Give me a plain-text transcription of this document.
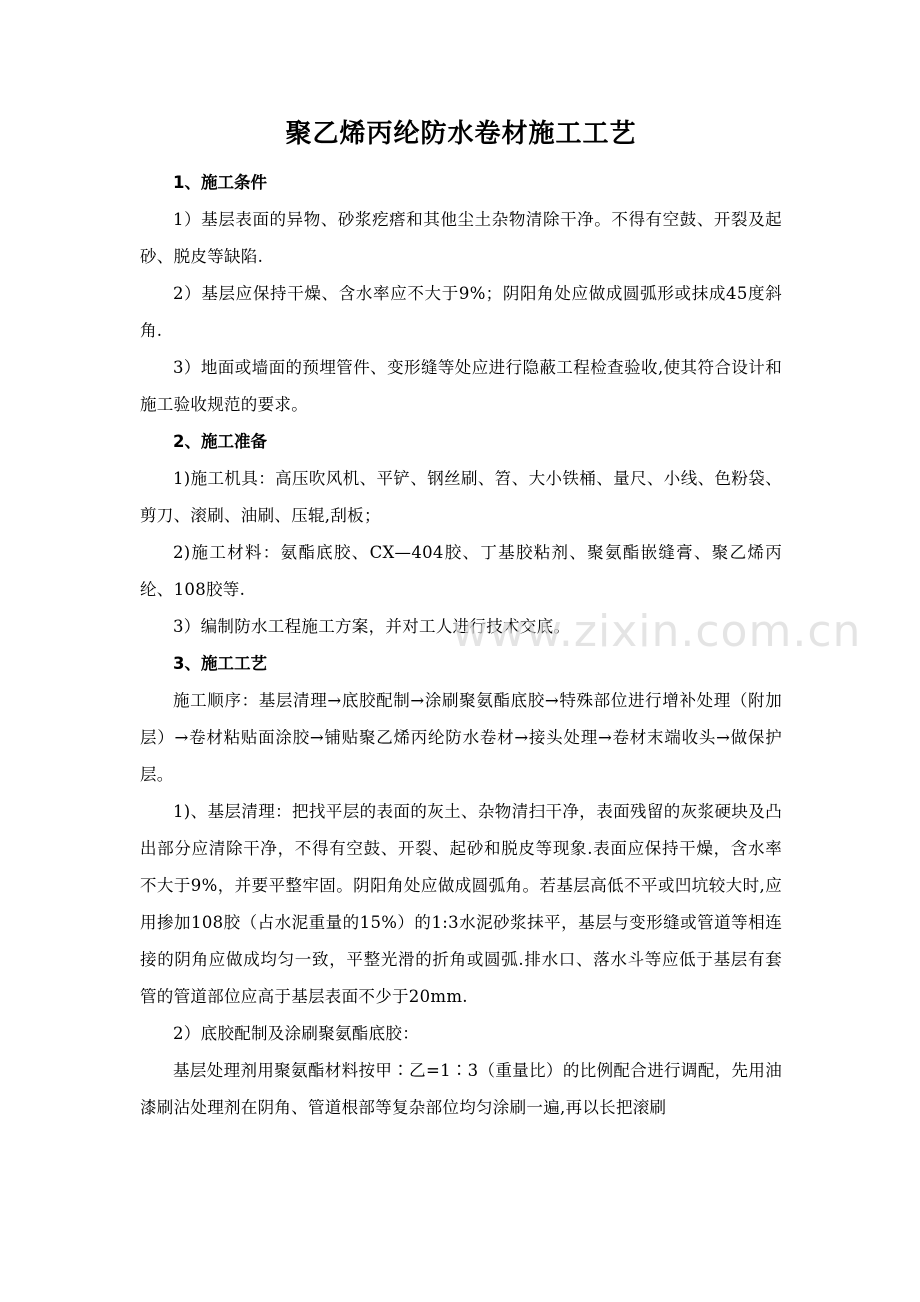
聚乙烯丙纶防水卷材施工工艺

1、施工条件

1）基层表面的异物、砂浆疙瘩和其他尘土杂物清除干净。不得有空鼓、开裂及起砂、脱皮等缺陷.

2）基层应保持干燥、含水率应不大于9%；阴阳角处应做成圆弧形或抹成45度斜角.

3）地面或墙面的预埋管件、变形缝等处应进行隐蔽工程检查验收,使其符合设计和施工验收规范的要求。

2、施工准备

1)施工机具：高压吹风机、平铲、钢丝刷、笤、大小铁桶、量尺、小线、色粉袋、剪刀、滚刷、油刷、压辊,刮板；

2)施工材料：氨酯底胶、CX—404胶、丁基胶粘剂、聚氨酯嵌缝膏、聚乙烯丙纶、108胶等.

3）编制防水工程施工方案，并对工人进行技术交底。

3、施工工艺

施工顺序：基层清理→底胶配制→涂刷聚氨酯底胶→特殊部位进行增补处理（附加层）→卷材粘贴面涂胶→铺贴聚乙烯丙纶防水卷材→接头处理→卷材末端收头→做保护层。

1)、基层清理：把找平层的表面的灰土、杂物清扫干净，表面残留的灰浆硬块及凸出部分应清除干净，不得有空鼓、开裂、起砂和脱皮等现象.表面应保持干燥，含水率不大于9%，并要平整牢固。阴阳角处应做成圆弧角。若基层高低不平或凹坑较大时,应用掺加108胶（占水泥重量的15%）的1:3水泥砂浆抹平，基层与变形缝或管道等相连接的阴角应做成均匀一致，平整光滑的折角或圆弧.排水口、落水斗等应低于基层有套管的管道部位应高于基层表面不少于20mm.

2）底胶配制及涂刷聚氨酯底胶：

基层处理剂用聚氨酯材料按甲∶乙=1∶3（重量比）的比例配合进行调配，先用油漆刷沾处理剂在阴角、管道根部等复杂部位均匀涂刷一遍,再以长把滚刷

www.zixin.com.cn
